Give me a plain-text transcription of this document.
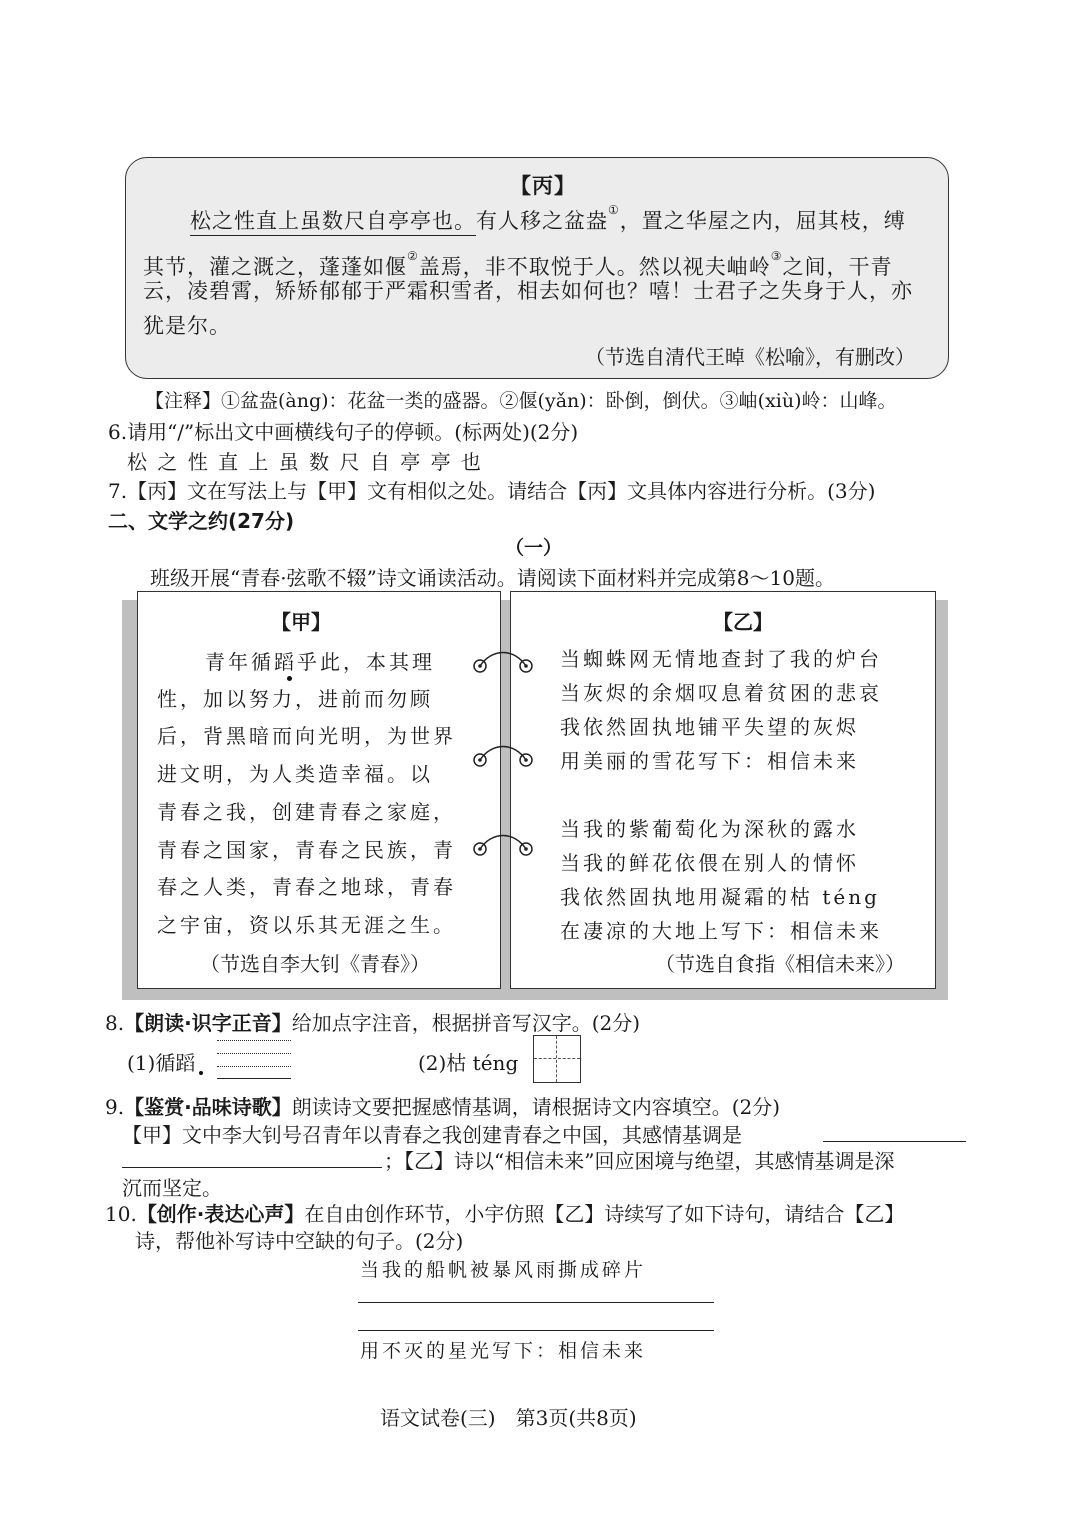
【丙】
松之性直上虽数尺自亭亭也。有人移之盆盎①，置之华屋之内，屈其枝，缚
其节，灌之溉之，蓬蓬如偃②盖焉，非不取悦于人。然以视夫岫岭③之间，干青
云，凌碧霄，矫矫郁郁于严霜积雪者，相去如何也？嘻！士君子之失身于人，亦
犹是尔。
（节选自清代王晫《松喻》，有删改）
【注释】①盆盎(àng)：花盆一类的盛器。②偃(yǎn)：卧倒，倒伏。③岫(xiù)岭：山峰。
6.请用“/”标出文中画横线句子的停顿。(标两处)(2分)
松 之 性 直 上 虽 数 尺 自 亭 亭 也
7.【丙】文在写法上与【甲】文有相似之处。请结合【丙】文具体内容进行分析。(3分)
二、文学之约(27分)
（一）
班级开展“青春·弦歌不辍”诗文诵读活动。请阅读下面材料并完成第8～10题。
【甲】
青年循蹈乎此，本其理
性，加以努力，进前而勿顾
后，背黑暗而向光明，为世界
进文明，为人类造幸福。以
青春之我，创建青春之家庭，
青春之国家，青春之民族，青
春之人类，青春之地球，青春
之宇宙，资以乐其无涯之生。
（节选自李大钊《青春》）
【乙】
当蜘蛛网无情地查封了我的炉台
当灰烬的余烟叹息着贫困的悲哀
我依然固执地铺平失望的灰烬
用美丽的雪花写下：相信未来
当我的紫葡萄化为深秋的露水
当我的鲜花依偎在别人的情怀
我依然固执地用凝霜的枯 téng
在凄凉的大地上写下：相信未来
（节选自食指《相信未来》）
8.【朗读·识字正音】给加点字注音，根据拼音写汉字。(2分)
(1)循蹈	(2)枯 téng
9.【鉴赏·品味诗歌】朗读诗文要把握感情基调，请根据诗文内容填空。(2分)
【甲】文中李大钊号召青年以青春之我创建青春之中国，其感情基调是
；【乙】诗以“相信未来”回应困境与绝望，其感情基调是深
沉而坚定。
10.【创作·表达心声】在自由创作环节，小宇仿照【乙】诗续写了如下诗句，请结合【乙】
诗，帮他补写诗中空缺的句子。(2分)
当我的船帆被暴风雨撕成碎片
用不灭的星光写下：相信未来
语文试卷(三)　第3页(共8页)
